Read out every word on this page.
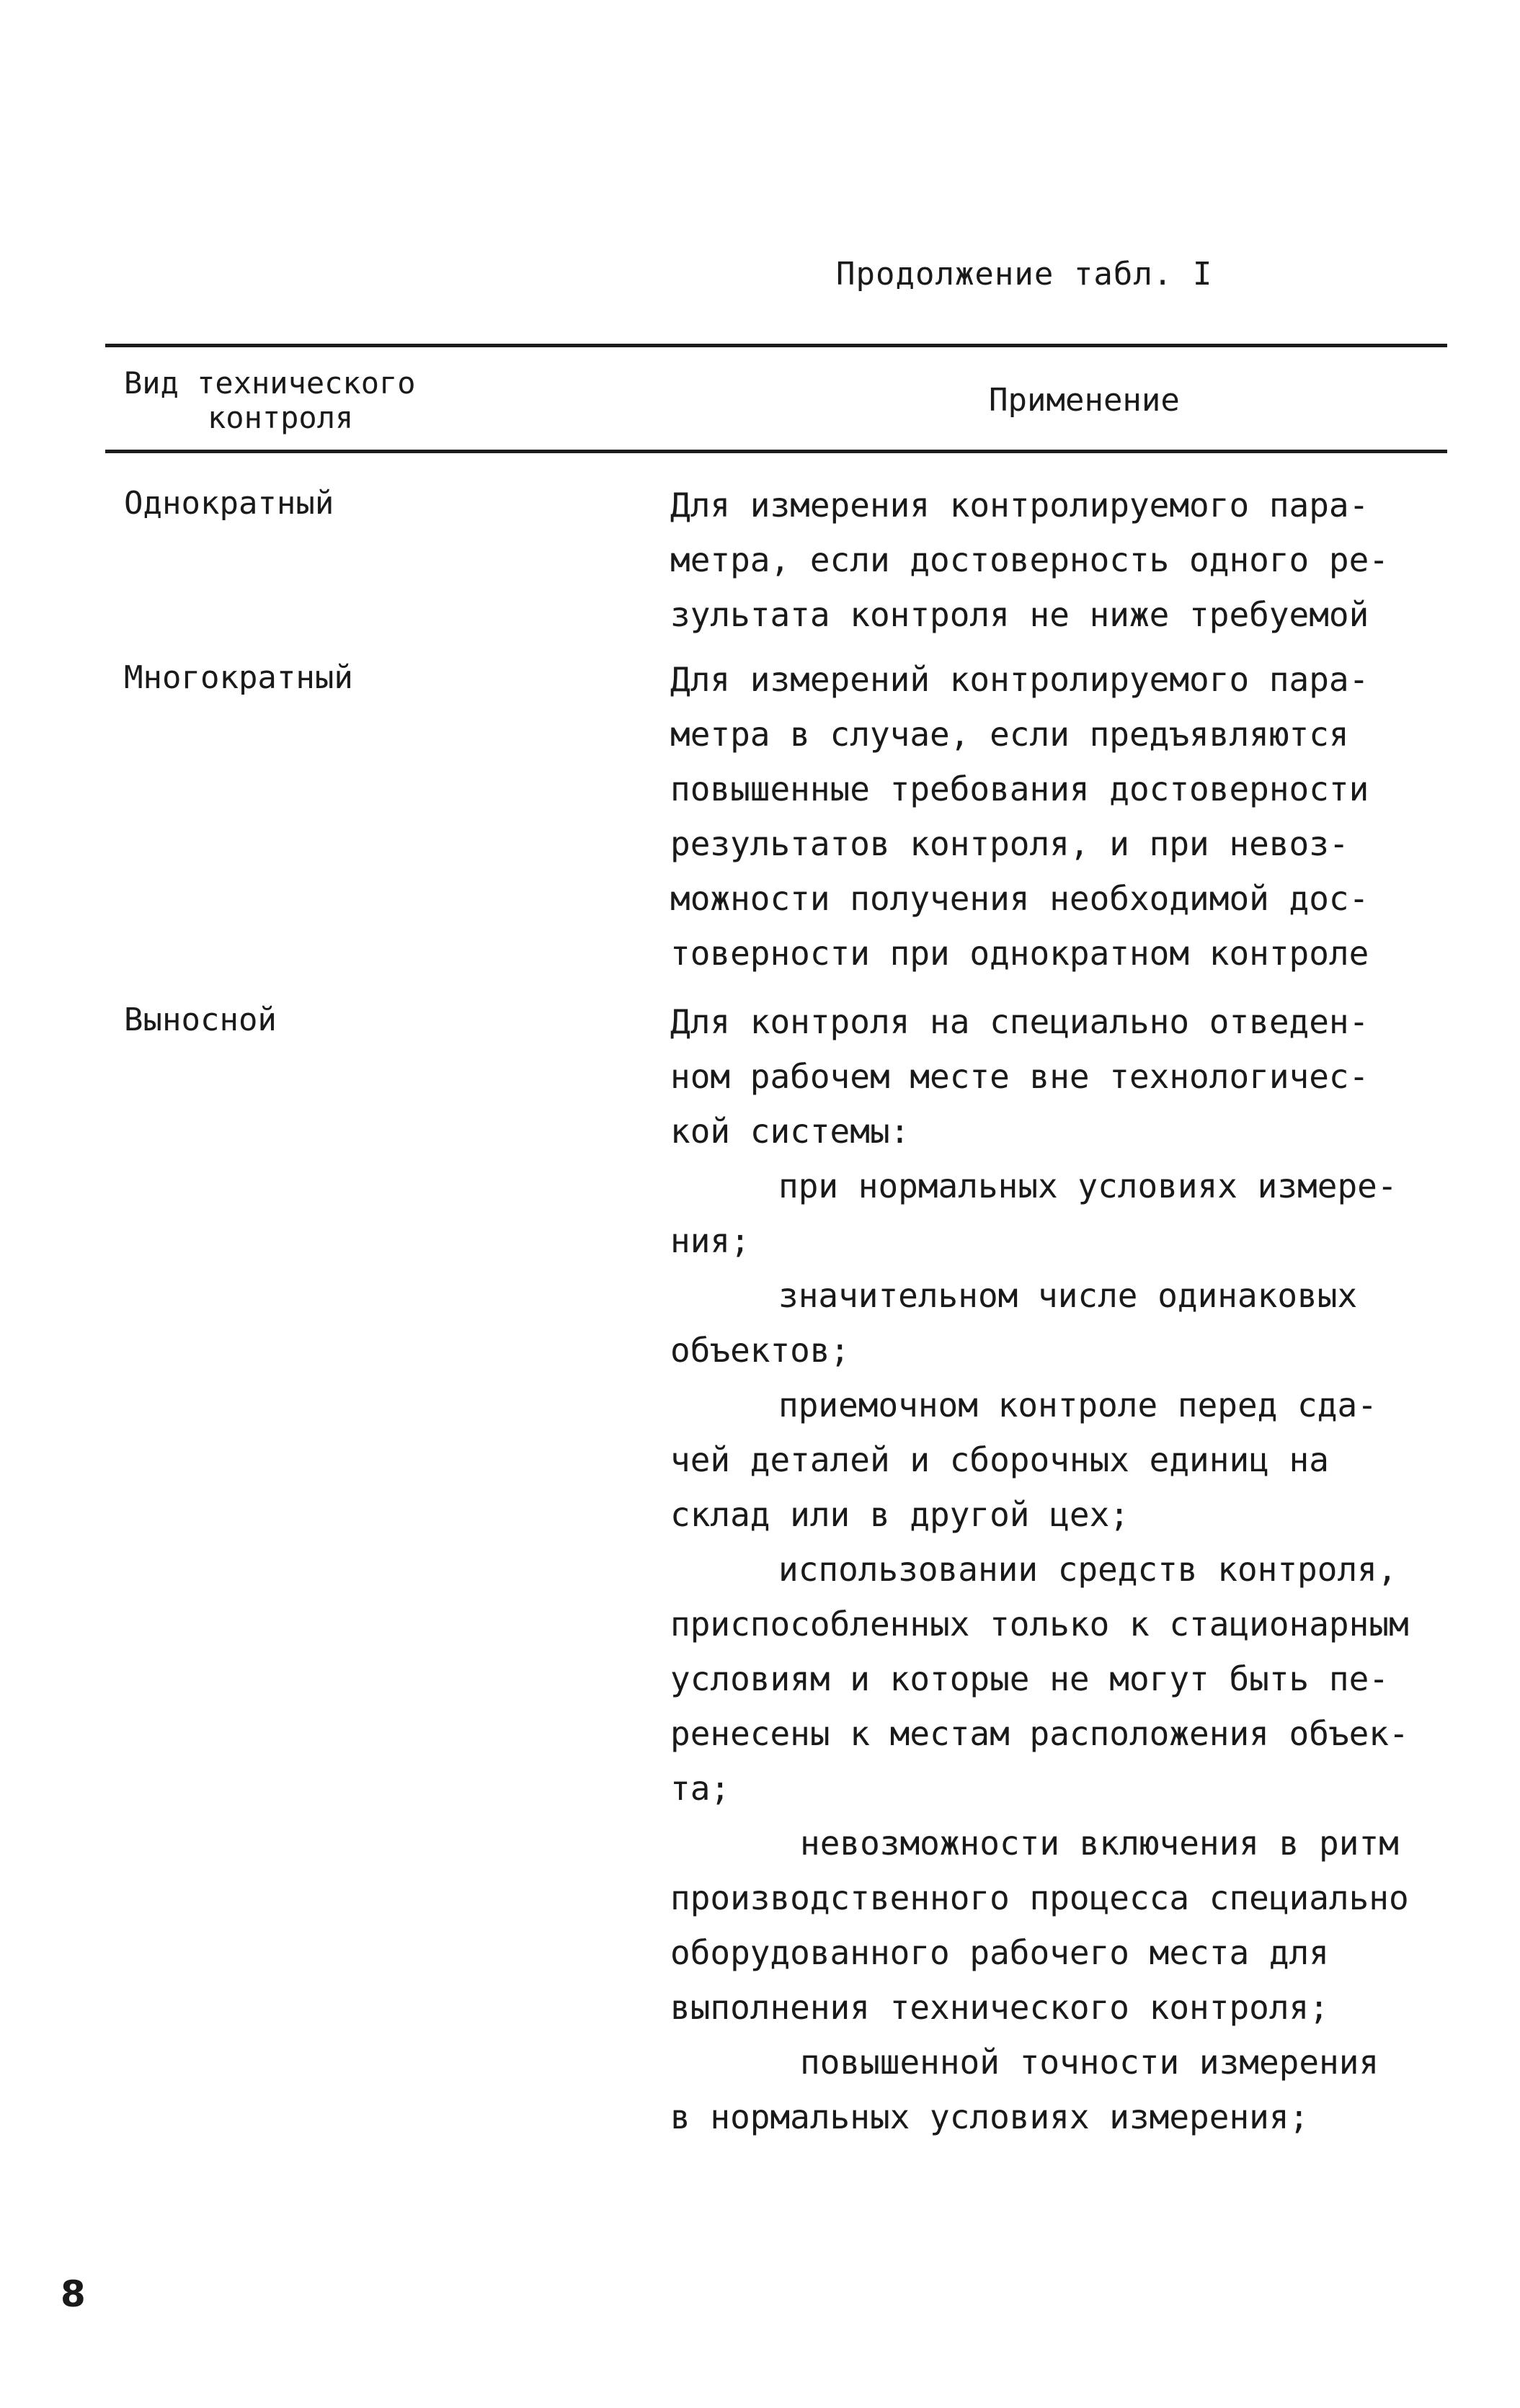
Продолжение табл. I
Вид технического
контроля	Применение
Однократный	Для измерения контролируемого пара-
метра, если достоверность одного ре-
зультата контроля не ниже требуемой
Многократный	Для измерений контролируемого пара-
метра в случае, если предъявляются
повышенные требования достоверности
результатов контроля, и при невоз-
можности получения необходимой дос-
товерности при однократном контроле
Выносной	Для контроля на специально отведен-
ном рабочем месте вне технологичес-
кой системы:
при нормальных условиях измере-
ния;
значительном числе одинаковых
объектов;
приемочном контроле перед сда-
чей деталей и сборочных единиц на
склад или в другой цех;
использовании средств контроля,
приспособленных только к стационарным
условиям и которые не могут быть пе-
ренесены к местам расположения объек-
та;
невозможности включения в ритм
производственного процесса специально
оборудованного рабочего места для
выполнения технического контроля;
повышенной точности измерения
в нормальных условиях измерения;
8
